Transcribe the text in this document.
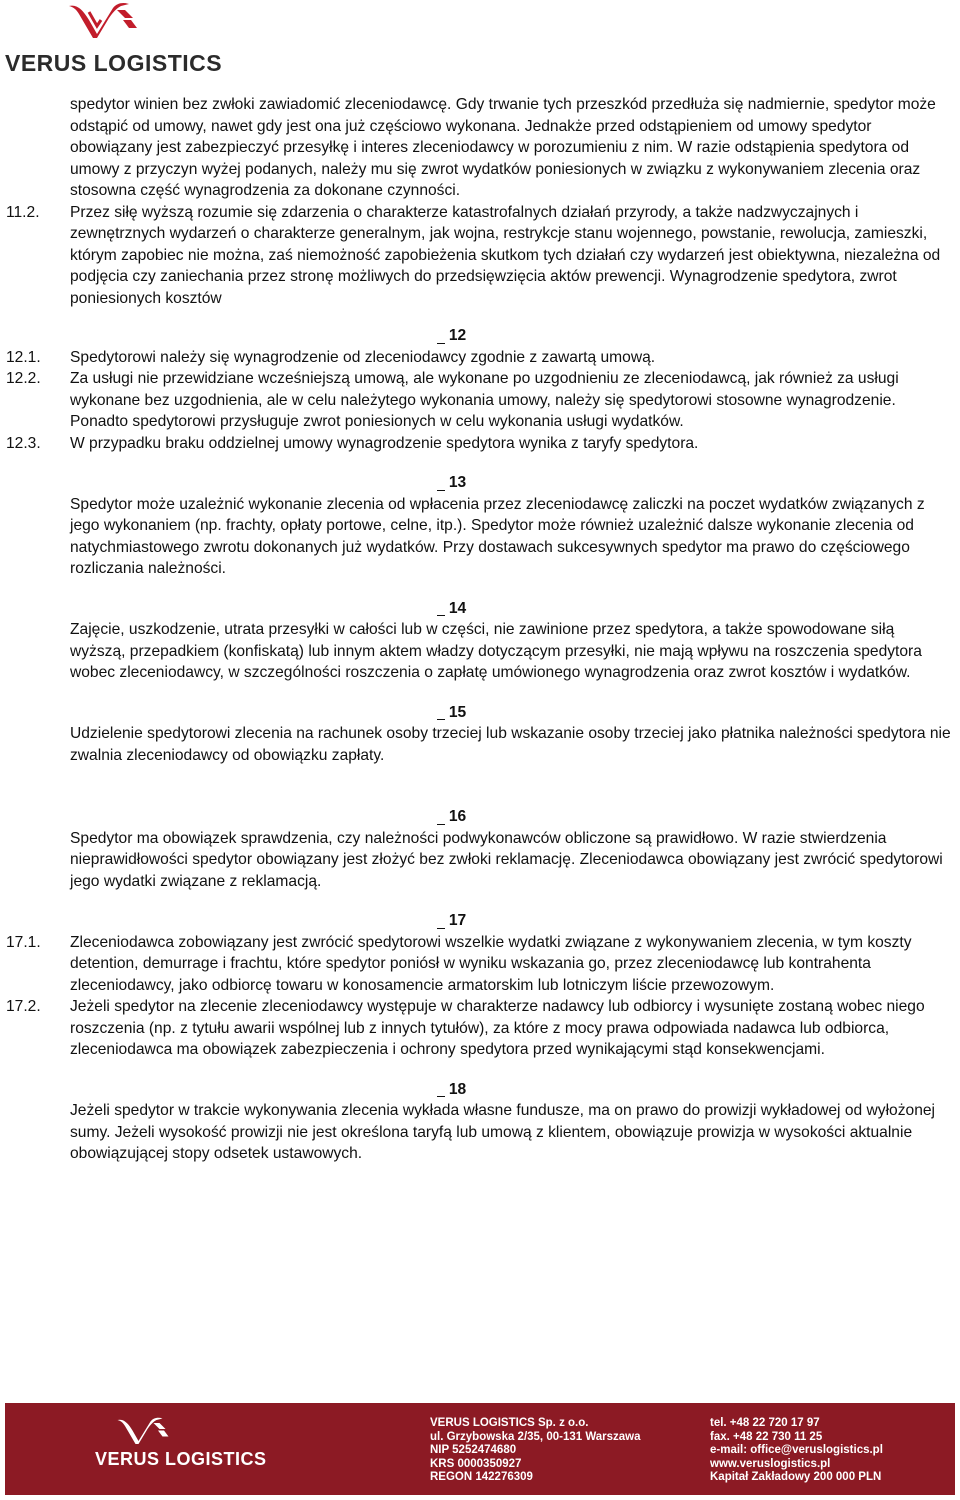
VERUS LOGISTICS
spedytor winien bez zwłoki zawiadomić zleceniodawcę. Gdy trwanie tych przeszkód przedłuża się nadmiernie, spedytor może odstąpić od umowy, nawet gdy jest ona już częściowo wykonana. Jednakże przed odstąpieniem od umowy spedytor obowiązany jest zabezpieczyć przesyłkę i interes zleceniodawcy w porozumieniu z nim. W razie odstąpienia spedytora od umowy z przyczyn wyżej podanych, należy mu się zwrot wydatków poniesionych w związku z wykonywaniem zlecenia oraz stosowna część wynagrodzenia za dokonane czynności.
11.2. Przez siłę wyższą rozumie się zdarzenia o charakterze katastrofalnych działań przyrody, a także nadzwyczajnych i zewnętrznych wydarzeń o charakterze generalnym, jak wojna, restrykcje stanu wojennego, powstanie, rewolucja, zamieszki, którym zapobiec nie można, zaś niemożność zapobieżenia skutkom tych działań czy wydarzeń jest obiektywna, niezależna od podjęcia czy zaniechania przez stronę możliwych do przedsięwzięcia aktów prewencji. Wynagrodzenie spedytora, zwrot poniesionych kosztów
12
12.1. Spedytorowi należy się wynagrodzenie od zleceniodawcy zgodnie z zawartą umową.
12.2. Za usługi nie przewidziane wcześniejszą umową, ale wykonane po uzgodnieniu ze zleceniodawcą, jak również za usługi wykonane bez uzgodnienia, ale w celu należytego wykonania umowy, należy się spedytorowi stosowne wynagrodzenie. Ponadto spedytorowi przysługuje zwrot poniesionych w celu wykonania usługi wydatków.
12.3. W przypadku braku oddzielnej umowy wynagrodzenie spedytora wynika z taryfy spedytora.
13
Spedytor może uzależnić wykonanie zlecenia od wpłacenia przez zleceniodawcę zaliczki na poczet wydatków związanych z jego wykonaniem (np. frachty, opłaty portowe, celne, itp.). Spedytor może również uzależnić dalsze wykonanie zlecenia od natychmiastowego zwrotu dokonanych już wydatków. Przy dostawach sukcesywnych spedytor ma prawo do częściowego rozliczania należności.
14
Zajęcie, uszkodzenie, utrata przesyłki w całości lub w części, nie zawinione przez spedytora, a także spowodowane siłą wyższą, przepadkiem (konfiskatą) lub innym aktem władzy dotyczącym przesyłki, nie mają wpływu na roszczenia spedytora wobec zleceniodawcy, w szczególności roszczenia o zapłatę umówionego wynagrodzenia oraz zwrot kosztów i wydatków.
15
Udzielenie spedytorowi zlecenia na rachunek osoby trzeciej lub wskazanie osoby trzeciej jako płatnika należności spedytora nie zwalnia zleceniodawcy od obowiązku zapłaty.
16
Spedytor ma obowiązek sprawdzenia, czy należności podwykonawców obliczone są prawidłowo. W razie stwierdzenia nieprawidłowości spedytor obowiązany jest złożyć bez zwłoki reklamację. Zleceniodawca obowiązany jest zwrócić spedytorowi jego wydatki związane z reklamacją.
17
17.1. Zleceniodawca zobowiązany jest zwrócić spedytorowi wszelkie wydatki związane z wykonywaniem zlecenia, w tym koszty detention, demurrage i frachtu, które spedytor poniósł w wyniku wskazania go, przez zleceniodawcę lub kontrahenta zleceniodawcy, jako odbiorcę towaru w konosamencie armatorskim lub lotniczym liście przewozowym.
17.2. Jeżeli spedytor na zlecenie zleceniodawcy występuje w charakterze nadawcy lub odbiorcy i wysunięte zostaną wobec niego roszczenia (np. z tytułu awarii wspólnej lub z innych tytułów), za które z mocy prawa odpowiada nadawca lub odbiorca, zleceniodawca ma obowiązek zabezpieczenia i ochrony spedytora przed wynikającymi stąd konsekwencjami.
18
Jeżeli spedytor w trakcie wykonywania zlecenia wykłada własne fundusze, ma on prawo do prowizji wykładowej od wyłożonej sumy. Jeżeli wysokość prowizji nie jest określona taryfą lub umową z klientem, obowiązuje prowizja w wysokości aktualnie obowiązującej stopy odsetek ustawowych.
VERUS LOGISTICS
VERUS LOGISTICS Sp. z o.o.
ul. Grzybowska 2/35, 00-131 Warszawa
NIP 5252474680
KRS 0000350927
REGON 142276309
tel. +48 22 720 17 97
fax. +48 22 730 11 25
e-mail: office@veruslogistics.pl
www.veruslogistics.pl
Kapitał Zakładowy 200 000 PLN
